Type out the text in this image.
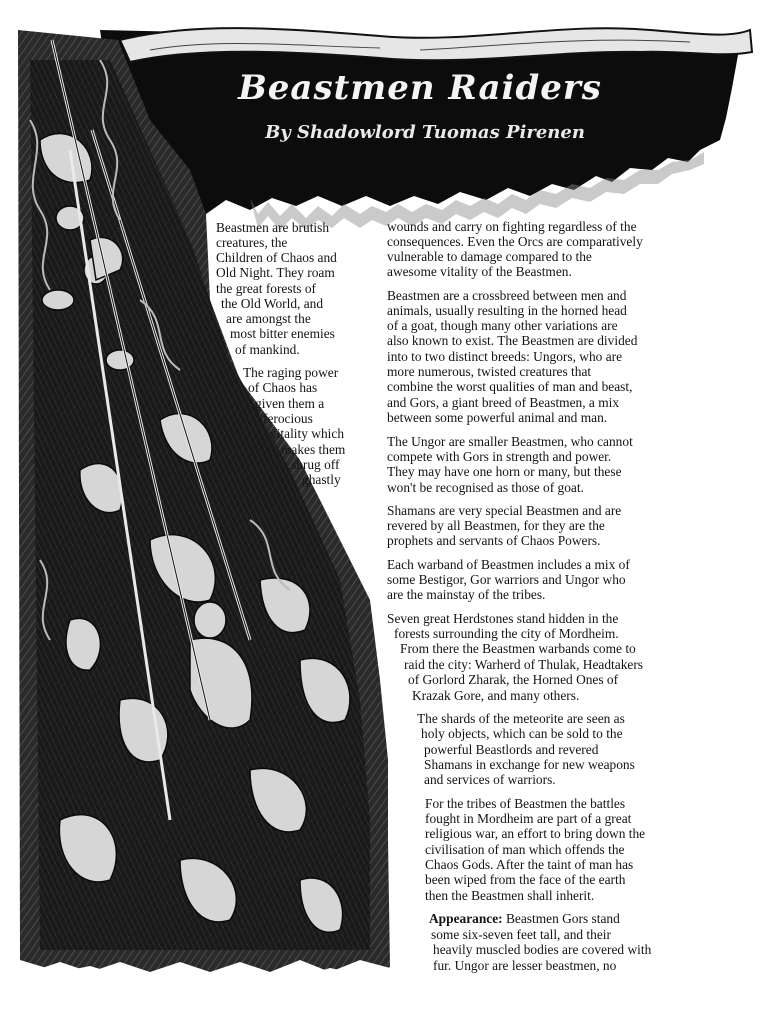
Beastmen Raiders
By Shadowlord Tuomas Pirenen
Beastmen are brutish
creatures, the
Children of Chaos and
Old Night. They roam
the great forests of
the Old World, and
are amongst the
most bitter enemies
of mankind.
The raging power
of Chaos has
given them a
ferocious
vitality which
makes them
shrug off
ghastly
wounds and carry on fighting regardless of the
consequences. Even the Orcs are comparatively
vulnerable to damage compared to the
awesome vitality of the Beastmen.
Beastmen are a crossbreed between men and
animals, usually resulting in the horned head
of a goat, though many other variations are
also known to exist. The Beastmen are divided
into to two distinct breeds: Ungors, who are
more numerous, twisted creatures that
combine the worst qualities of man and beast,
and Gors, a giant breed of Beastmen, a mix
between some powerful animal and man.
The Ungor are smaller Beastmen, who cannot
compete with Gors in strength and power.
They may have one horn or many, but these
won't be recognised as those of goat.
Shamans are very special Beastmen and are
revered by all Beastmen, for they are the
prophets and servants of Chaos Powers.
Each warband of Beastmen includes a mix of
some Bestigor, Gor warriors and Ungor who
are the mainstay of the tribes.
Seven great Herdstones stand hidden in the
forests surrounding the city of Mordheim.
From there the Beastmen warbands come to
raid the city: Warherd of Thulak, Headtakers
of Gorlord Zharak, the Horned Ones of
Krazak Gore, and many others.
The shards of the meteorite are seen as
holy objects, which can be sold to the
powerful Beastlords and revered
Shamans in exchange for new weapons
and services of warriors.
For the tribes of Beastmen the battles
fought in Mordheim are part of a great
religious war, an effort to bring down the
civilisation of man which offends the
Chaos Gods. After the taint of man has
been wiped from the face of the earth
then the Beastmen shall inherit.
Appearance: Beastmen Gors stand
some six-seven feet tall, and their
heavily muscled bodies are covered with
fur. Ungor are lesser beastmen, no
